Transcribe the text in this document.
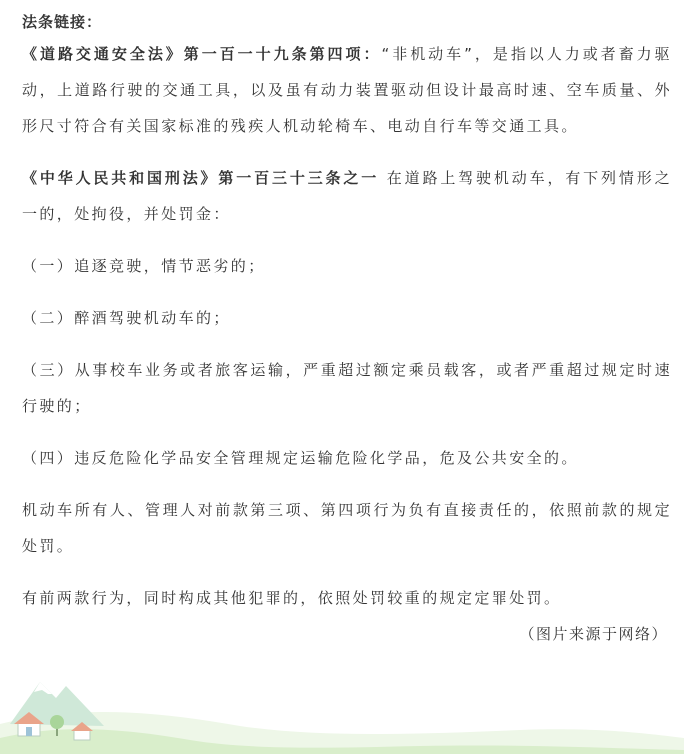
法条链接：
《道路交通安全法》第一百一十九条第四项：“非机动车”，是指以人力或者畜力驱动，上道路行驶的交通工具，以及虽有动力装置驱动但设计最高时速、空车质量、外形尺寸符合有关国家标准的残疾人机动轮椅车、电动自行车等交通工具。
《中华人民共和国刑法》第一百三十三条之一 在道路上驾驶机动车，有下列情形之一的，处拘役，并处罚金：
（一）追逐竞驶，情节恶劣的；
（二）醉酒驾驶机动车的；
（三）从事校车业务或者旅客运输，严重超过额定乘员载客，或者严重超过规定时速行驶的；
（四）违反危险化学品安全管理规定运输危险化学品，危及公共安全的。
机动车所有人、管理人对前款第三项、第四项行为负有直接责任的，依照前款的规定处罚。
有前两款行为，同时构成其他犯罪的，依照处罚较重的规定定罪处罚。
（图片来源于网络）
